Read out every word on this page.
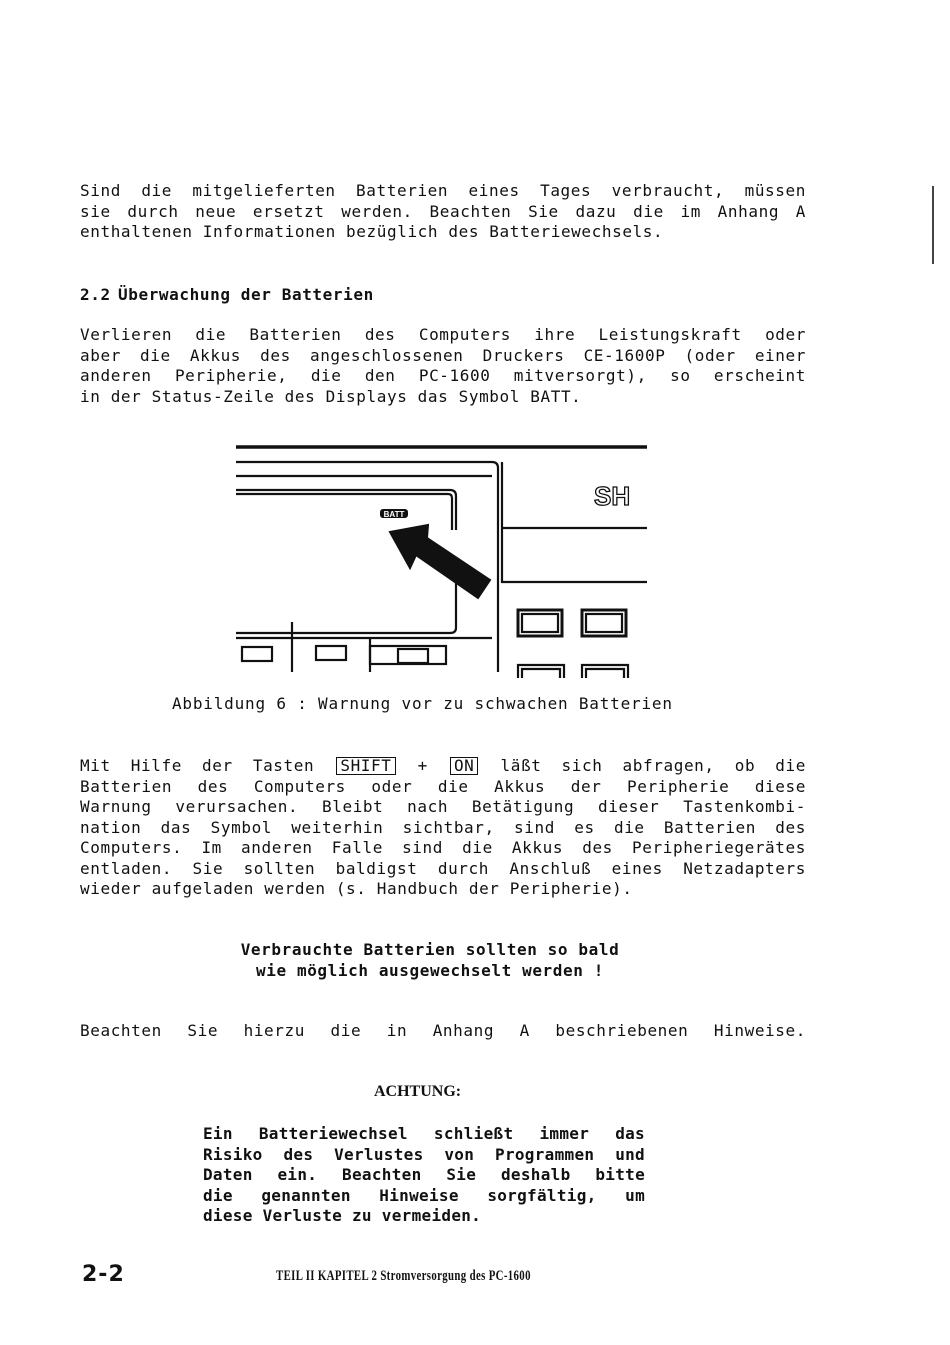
Sind die mitgelieferten Batterien eines Tages verbraucht, müssen
sie durch neue ersetzt werden. Beachten Sie dazu die im Anhang A
enthaltenen Informationen bezüglich des Batteriewechsels.
2.2 Überwachung der Batterien
Verlieren die Batterien des Computers ihre Leistungskraft oder
aber die Akkus des angeschlossenen Druckers CE-1600P (oder einer
anderen Peripherie, die den PC-1600 mitversorgt), so erscheint
in der Status-Zeile des Displays das Symbol BATT.
BATT
SH
Abbildung 6 : Warnung vor zu schwachen Batterien
Mit Hilfe der Tasten SHIFT + ON läßt sich abfragen, ob die
Batterien des Computers oder die Akkus der Peripherie diese
Warnung verursachen. Bleibt nach Betätigung dieser Tastenkombi-
nation das Symbol weiterhin sichtbar, sind es die Batterien des
Computers. Im anderen Falle sind die Akkus des Peripheriegerätes
entladen. Sie sollten baldigst durch Anschluß eines Netzadapters
wieder aufgeladen werden (s. Handbuch der Peripherie).
Verbrauchte Batterien sollten so bald
wie möglich ausgewechselt werden !
Beachten Sie hierzu die in Anhang A beschriebenen Hinweise.
ACHTUNG:
Ein Batteriewechsel schließt immer das
Risiko des Verlustes von Programmen und
Daten ein. Beachten Sie deshalb bitte
die genannten Hinweise sorgfältig, um
diese Verluste zu vermeiden.
2-2	TEIL II KAPITEL 2 Stromversorgung des PC-1600
